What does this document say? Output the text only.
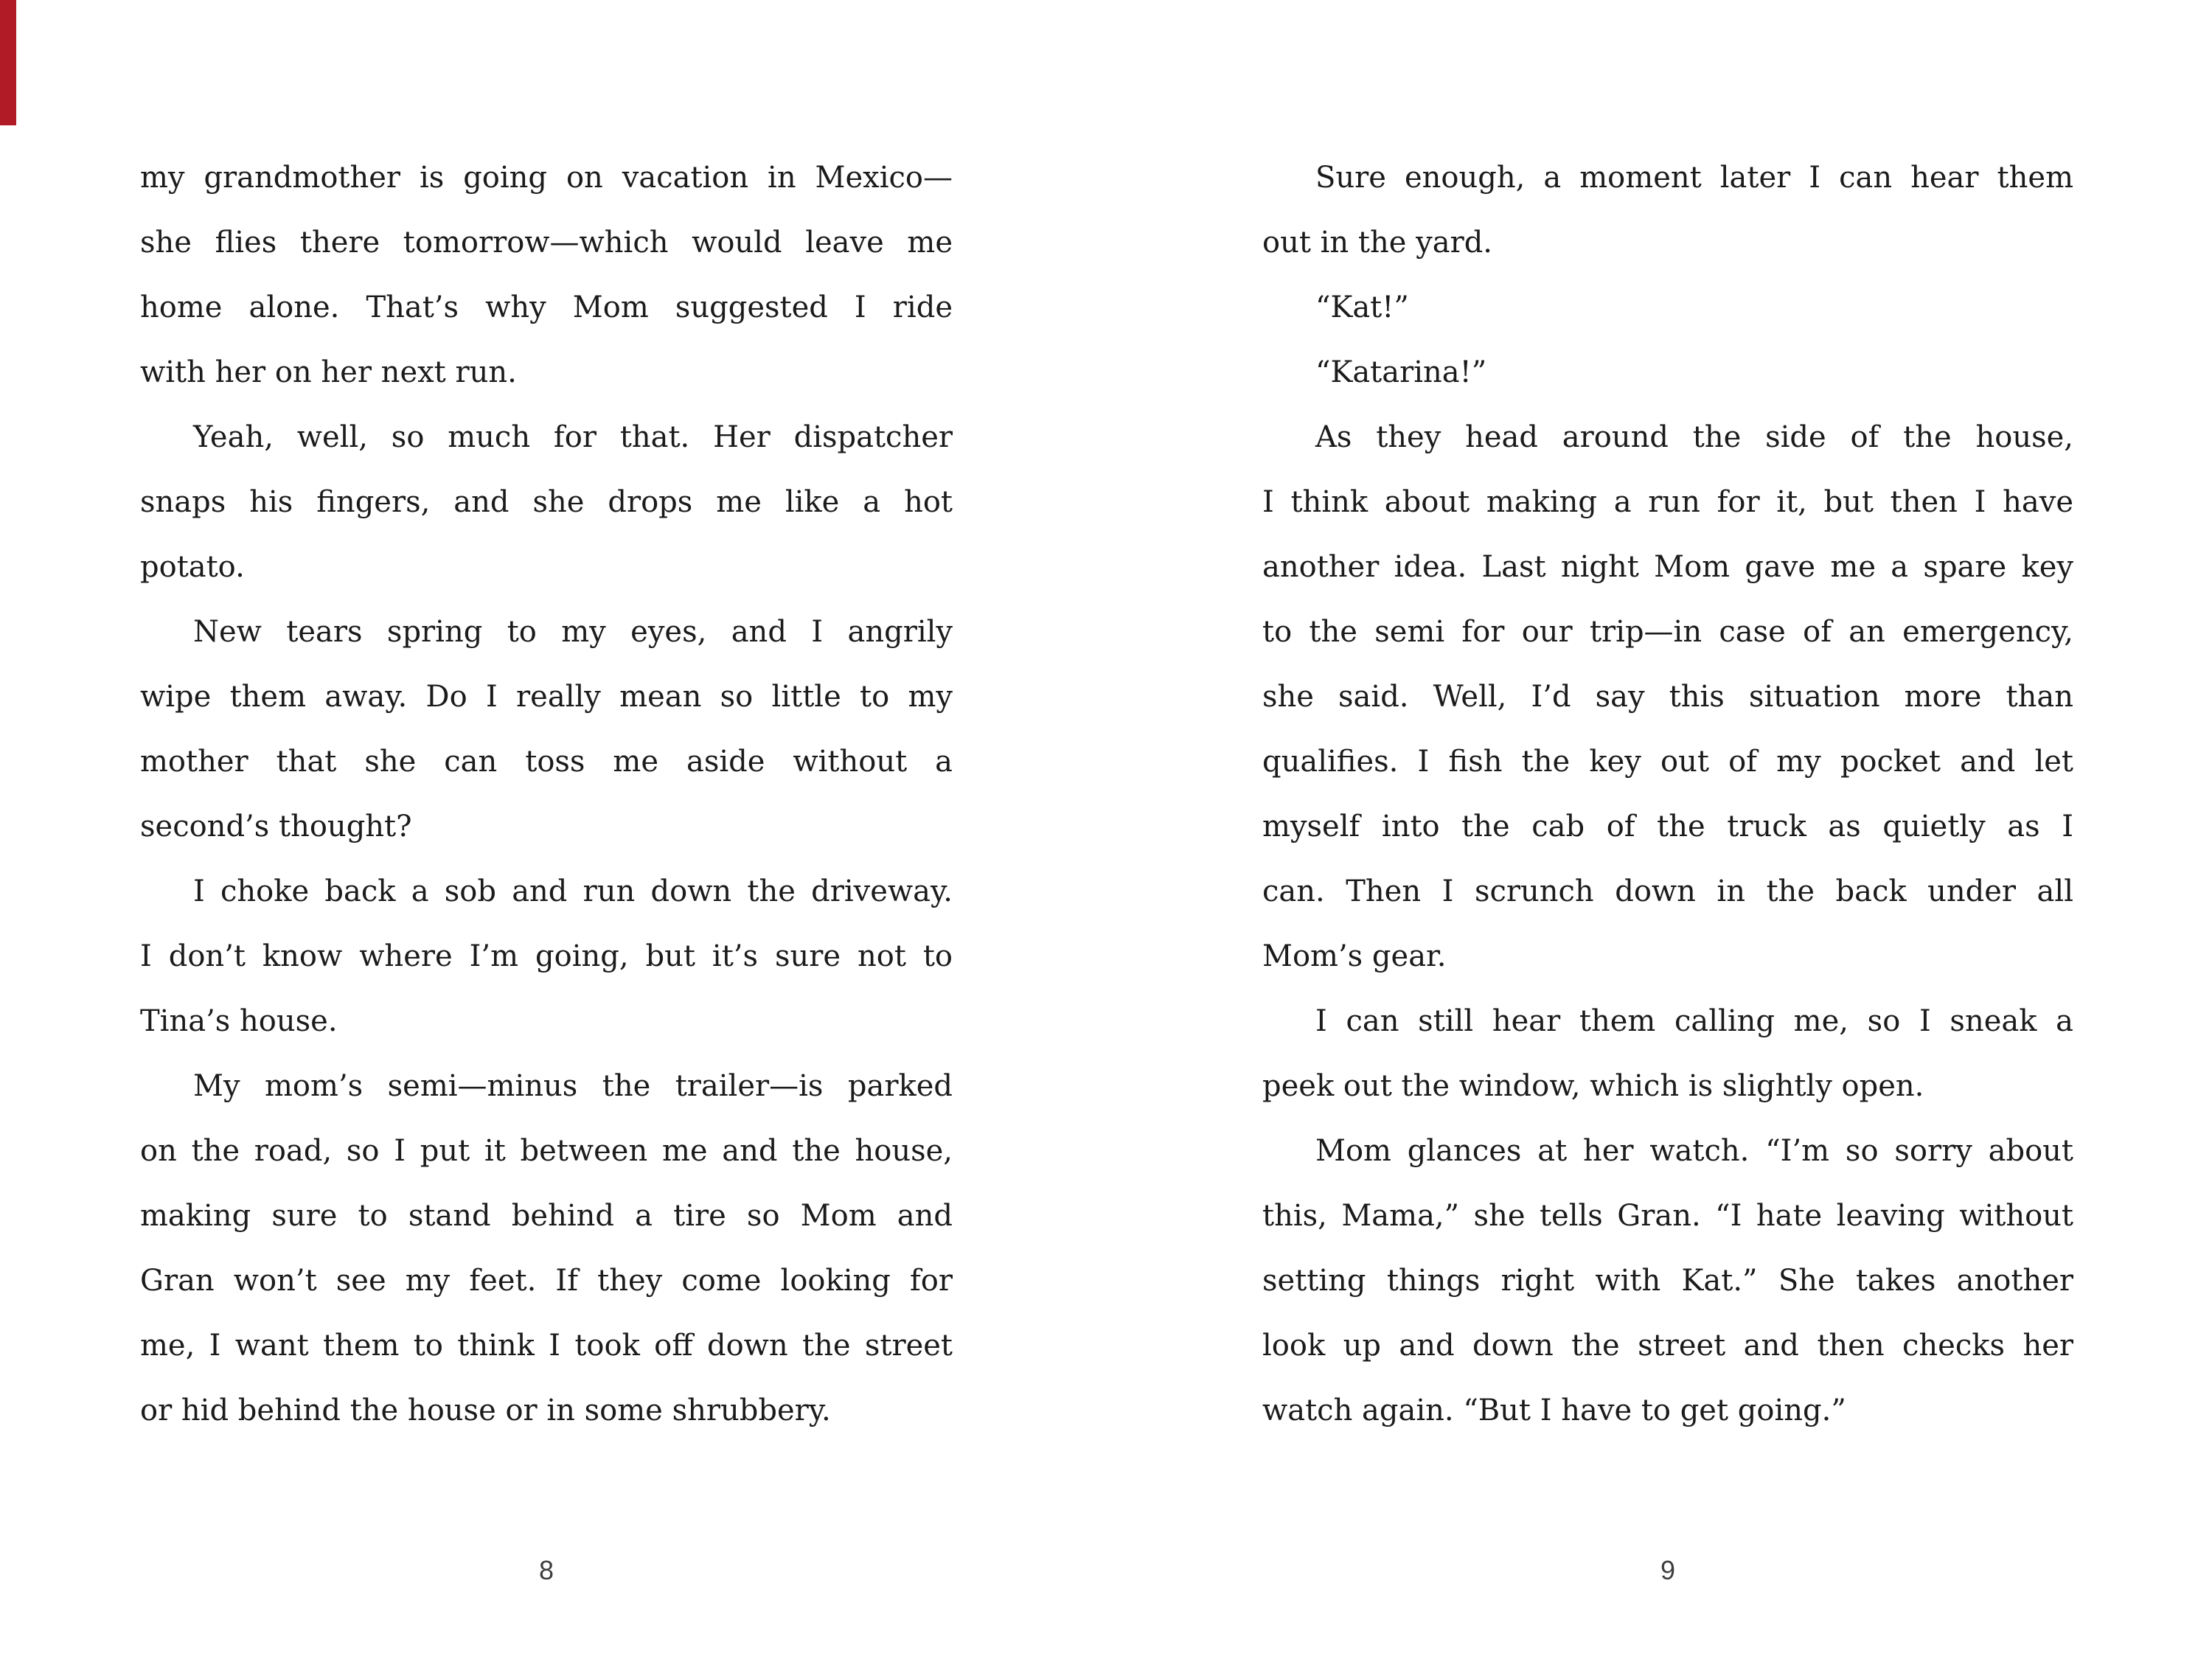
my grandmother is going on vacation in Mexico—
she flies there tomorrow—which would leave me
home alone. That’s why Mom suggested I ride
with her on her next run.
Yeah, well, so much for that. Her dispatcher
snaps his fingers, and she drops me like a hot
potato.
New tears spring to my eyes, and I angrily
wipe them away. Do I really mean so little to my
mother that she can toss me aside without a
second’s thought?
I choke back a sob and run down the driveway.
I don’t know where I’m going, but it’s sure not to
Tina’s house.
My mom’s semi—minus the trailer—is parked
on the road, so I put it between me and the house,
making sure to stand behind a tire so Mom and
Gran won’t see my feet. If they come looking for
me, I want them to think I took off down the street
or hid behind the house or in some shrubbery.
8
Sure enough, a moment later I can hear them
out in the yard.
“Kat!”
“Katarina!”
As they head around the side of the house,
I think about making a run for it, but then I have
another idea. Last night Mom gave me a spare key
to the semi for our trip—in case of an emergency,
she said. Well, I’d say this situation more than
qualifies. I fish the key out of my pocket and let
myself into the cab of the truck as quietly as I
can. Then I scrunch down in the back under all
Mom’s gear.
I can still hear them calling me, so I sneak a
peek out the window, which is slightly open.
Mom glances at her watch. “I’m so sorry about
this, Mama,” she tells Gran. “I hate leaving without
setting things right with Kat.” She takes another
look up and down the street and then checks her
watch again. “But I have to get going.”
9
